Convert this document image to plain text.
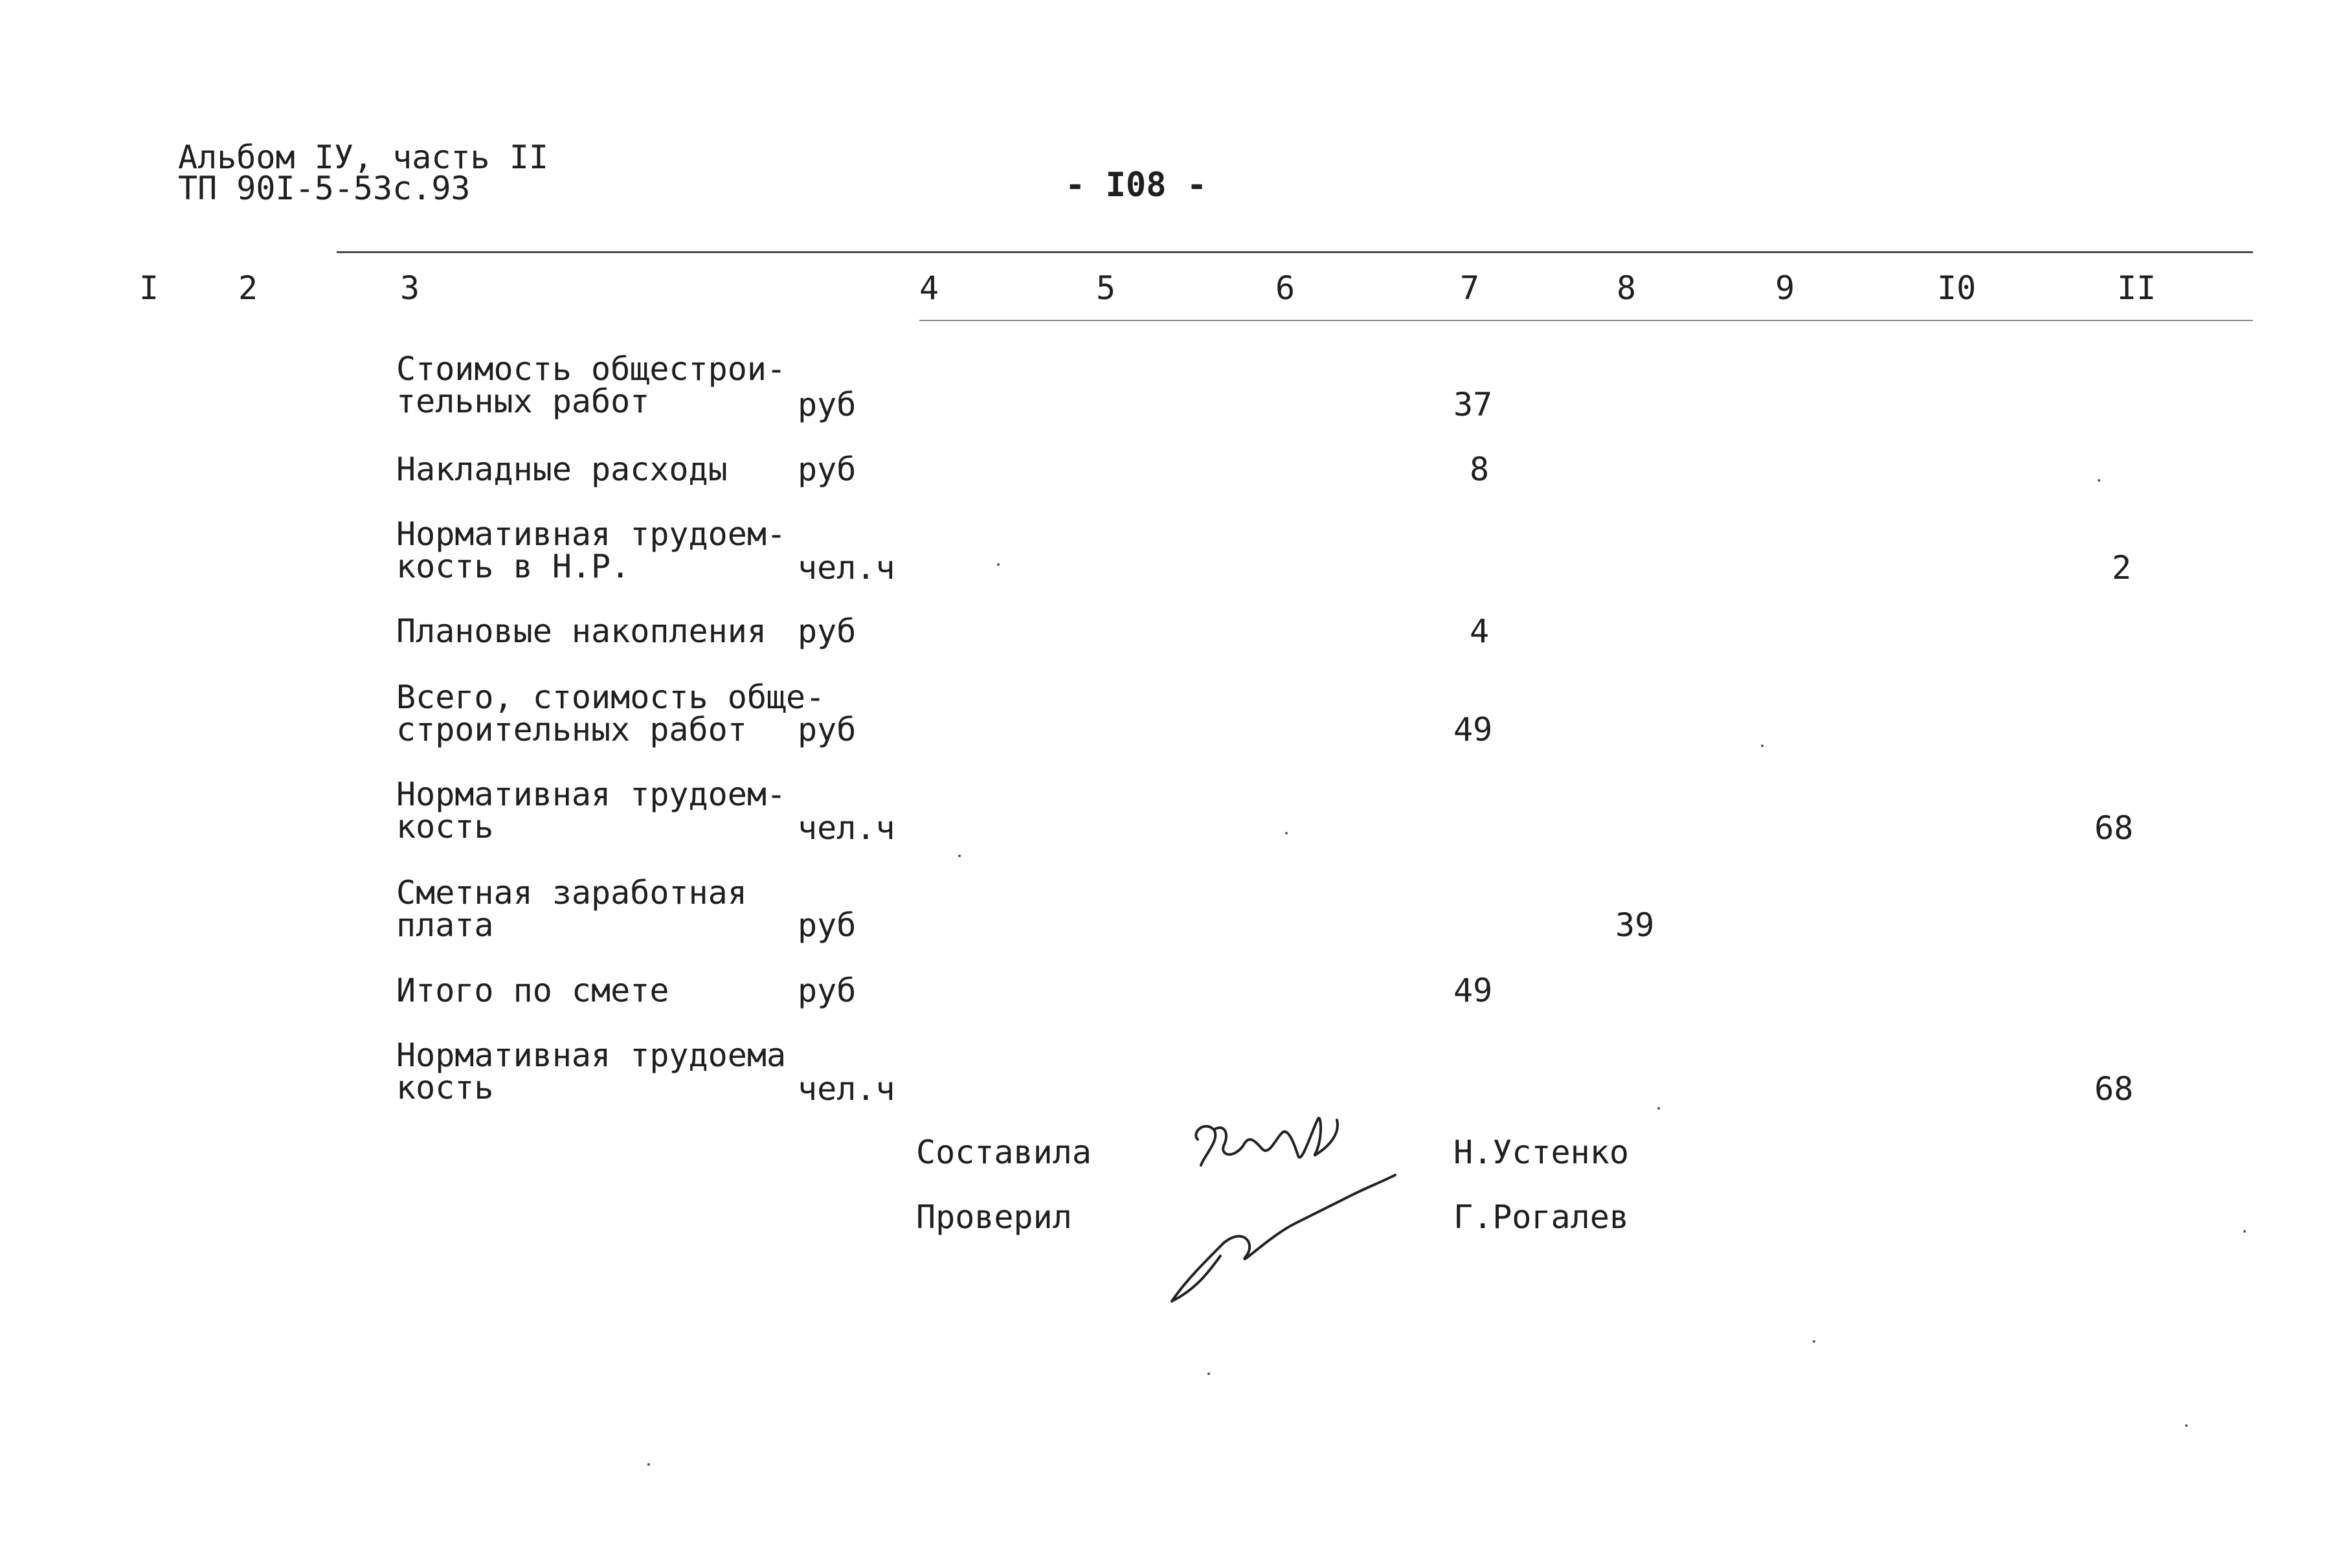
Альбом IУ, часть II
ТП 90I-5-53с.93	- I08 -
I 2	3	4	5	6	7	8	9	I0	II
Стоимость общестрои-
тельных работ	руб	37
Накладные расходы руб	8
Нормативная трудоем-
кость в Н.Р.	чел.ч	2
Плановые накопления руб	4
Всего, стоимость обще-
строительных работ	руб	49
Нормативная трудоем-
кость	чел.ч	68
Сметная заработная
плата	руб	39
Итого по смете	руб	49
Нормативная трудоема
кость	чел.ч	68
Составила	Н.Устенко
Проверил	Г.Рогалев
